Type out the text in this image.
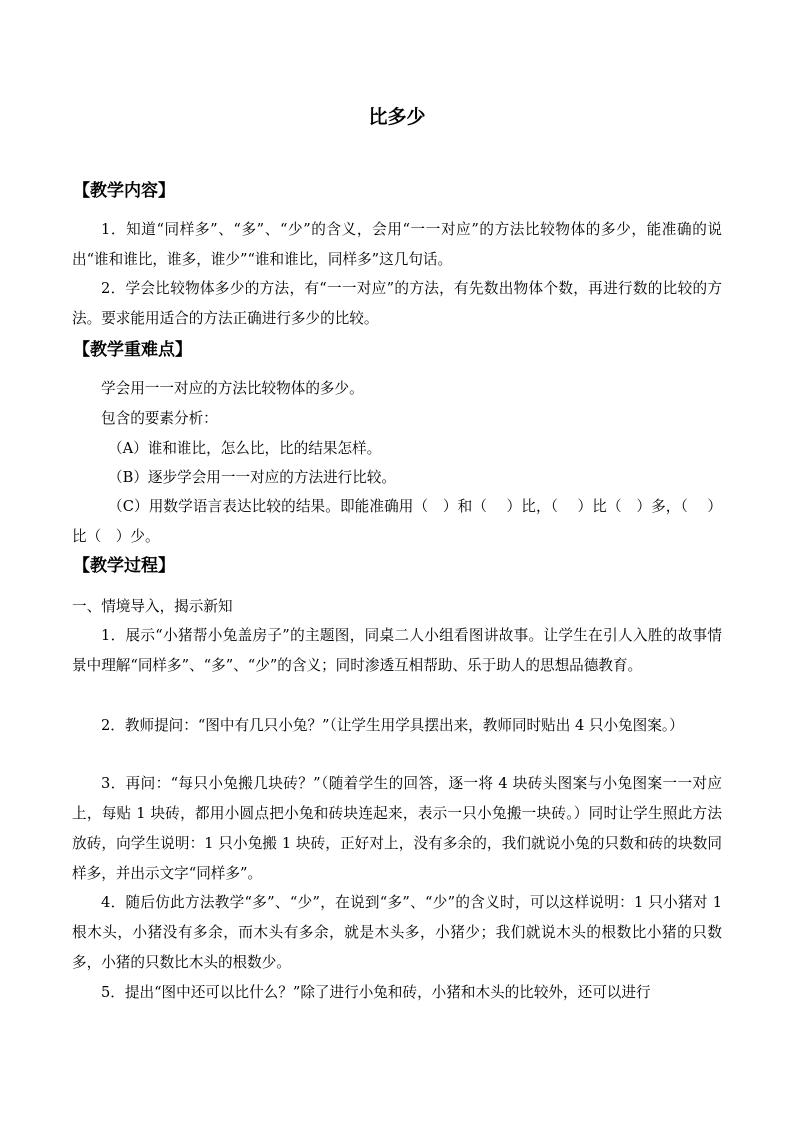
比多少
【教学内容】

1．知道“同样多”、“多”、“少”的含义，会用“一一对应”的方法比较物体的多少，能准确的说出“谁和谁比，谁多，谁少”“谁和谁比，同样多”这几句话。

2．学会比较物体多少的方法，有“一一对应”的方法，有先数出物体个数，再进行数的比较的方法。要求能用适合的方法正确进行多少的比较。

【教学重难点】

学会用一一对应的方法比较物体的多少。

包含的要素分析：

（A）谁和谁比，怎么比，比的结果怎样。

（B）逐步学会用一一对应的方法进行比较。

（C）用数学语言表达比较的结果。即能准确用（　）和（　 ）比，（　 ）比（　）多，（　 ）比（　）少。

【教学过程】

一、情境导入，揭示新知

1．展示“小猪帮小兔盖房子”的主题图，同桌二人小组看图讲故事。让学生在引人入胜的故事情景中理解“同样多”、“多”、“少”的含义；同时渗透互相帮助、乐于助人的思想品德教育。

2．教师提问：“图中有几只小兔？”（让学生用学具摆出来，教师同时贴出 4 只小兔图案。）

3．再问：“每只小兔搬几块砖？”（随着学生的回答，逐一将 4 块砖头图案与小兔图案一一对应上，每贴 1 块砖，都用小圆点把小兔和砖块连起来，表示一只小兔搬一块砖。）同时让学生照此方法放砖，向学生说明：1 只小兔搬 1 块砖，正好对上，没有多余的，我们就说小兔的只数和砖的块数同样多，并出示文字“同样多”。

4．随后仿此方法教学“多”、“少”，在说到“多”、“少”的含义时，可以这样说明：1 只小猪对 1 根木头，小猪没有多余，而木头有多余，就是木头多，小猪少；我们就说木头的根数比小猪的只数多，小猪的只数比木头的根数少。

5．提出“图中还可以比什么？”除了进行小兔和砖，小猪和木头的比较外，还可以进行
